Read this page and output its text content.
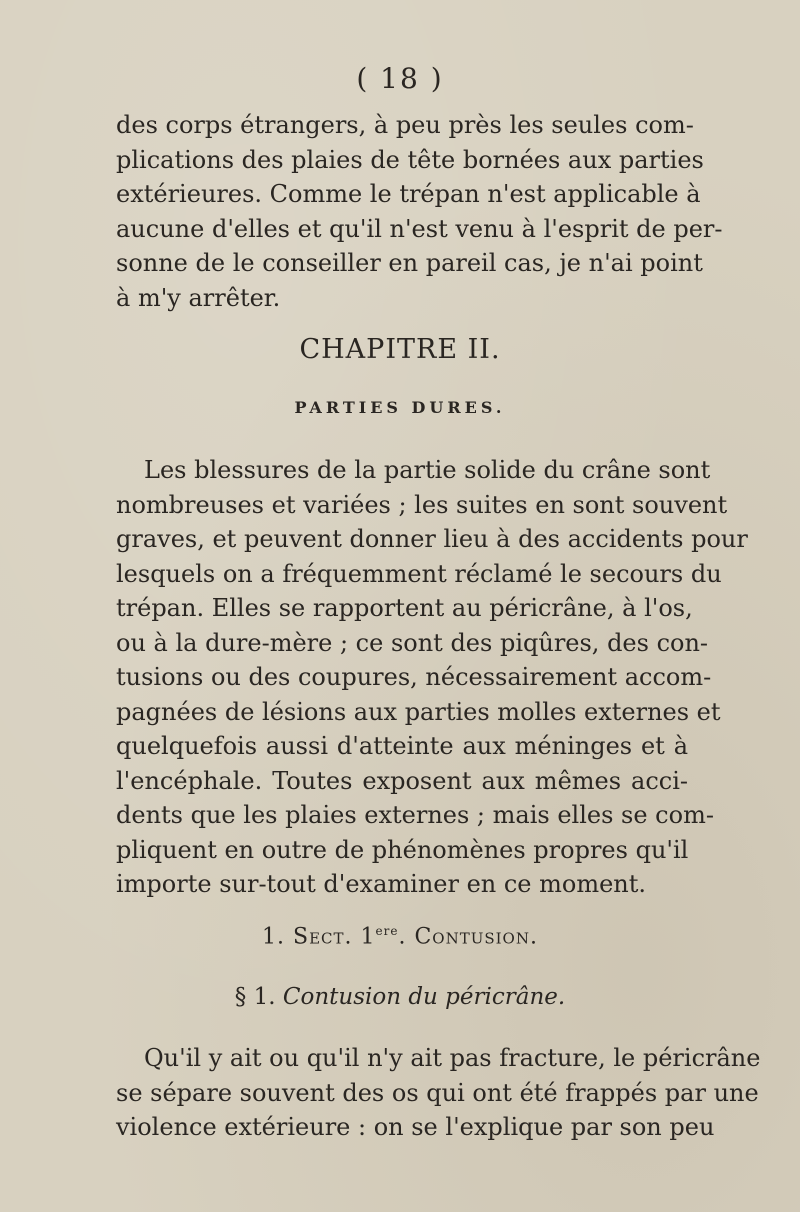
( 18 )
des corps étrangers, à peu près les seules com-
plications des plaies de tête bornées aux parties
extérieures. Comme le trépan n'est applicable à
aucune d'elles et qu'il n'est venu à l'esprit de per-
sonne de le conseiller en pareil cas, je n'ai point
à m'y arrêter.
CHAPITRE II.
PARTIES DURES.
Les blessures de la partie solide du crâne sont
nombreuses et variées ; les suites en sont souvent
graves, et peuvent donner lieu à des accidents pour
lesquels on a fréquemment réclamé le secours du
trépan. Elles se rapportent au péricrâne, à l'os,
ou à la dure-mère ; ce sont des piqûres, des con-
tusions ou des coupures, nécessairement accom-
pagnées de lésions aux parties molles externes et
quelquefois aussi d'atteinte aux méninges et à
l'encéphale. Toutes exposent aux mêmes acci-
dents que les plaies externes ; mais elles se com-
pliquent en outre de phénomènes propres qu'il
importe sur-tout d'examiner en ce moment.
1. Sect. 1ere. Contusion.
§ 1. Contusion du péricrâne.
Qu'il y ait ou qu'il n'y ait pas fracture, le péricrâne
se sépare souvent des os qui ont été frappés par une
violence extérieure : on se l'explique par son peu
